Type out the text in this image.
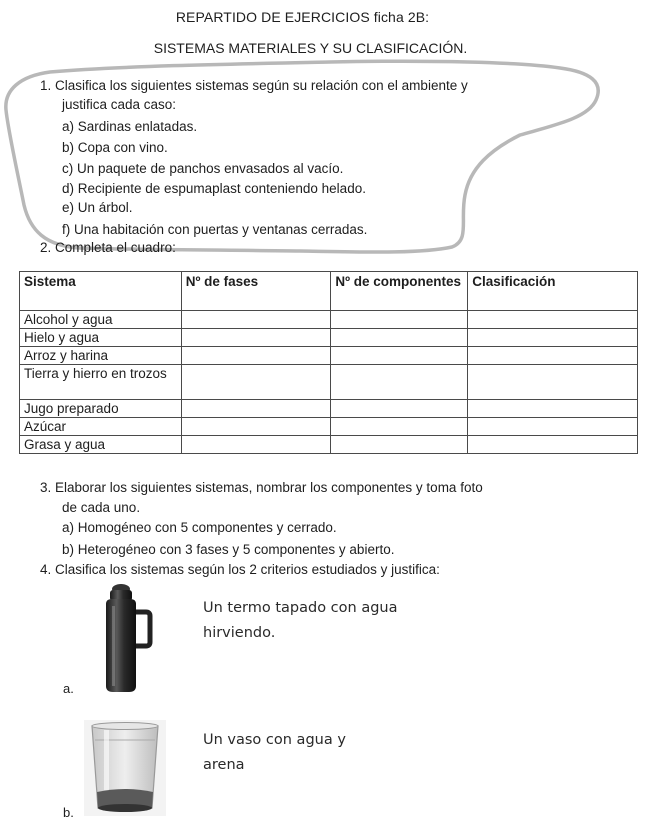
REPARTIDO DE EJERCICIOS ficha 2B:
SISTEMAS MATERIALES Y SU CLASIFICACIÓN.
1. Clasifica los siguientes sistemas según su relación con el ambiente y
justifica cada caso:
a) Sardinas enlatadas.
b) Copa con vino.
c) Un paquete de panchos envasados al vacío.
d) Recipiente de espumaplast conteniendo helado.
e) Un árbol.
f) Una habitación con puertas y ventanas cerradas.
2. Completa el cuadro:
Sistema	Nº de fases	Nº de componentes	Clasificación
Alcohol y agua			
Hielo y agua			
Arroz y harina			
Tierra y hierro en trozos			
Jugo preparado			
Azúcar			
Grasa y agua			
3. Elaborar los siguientes sistemas, nombrar los componentes y toma foto
de cada uno.
a) Homogéneo con 5 componentes y cerrado.
b) Heterogéneo con 3 fases y 5 componentes y abierto.
4. Clasifica los sistemas según los 2 criterios estudiados y justifica:
Un termo tapado con agua
hirviendo.
a.
Un vaso con agua y
arena
b.
